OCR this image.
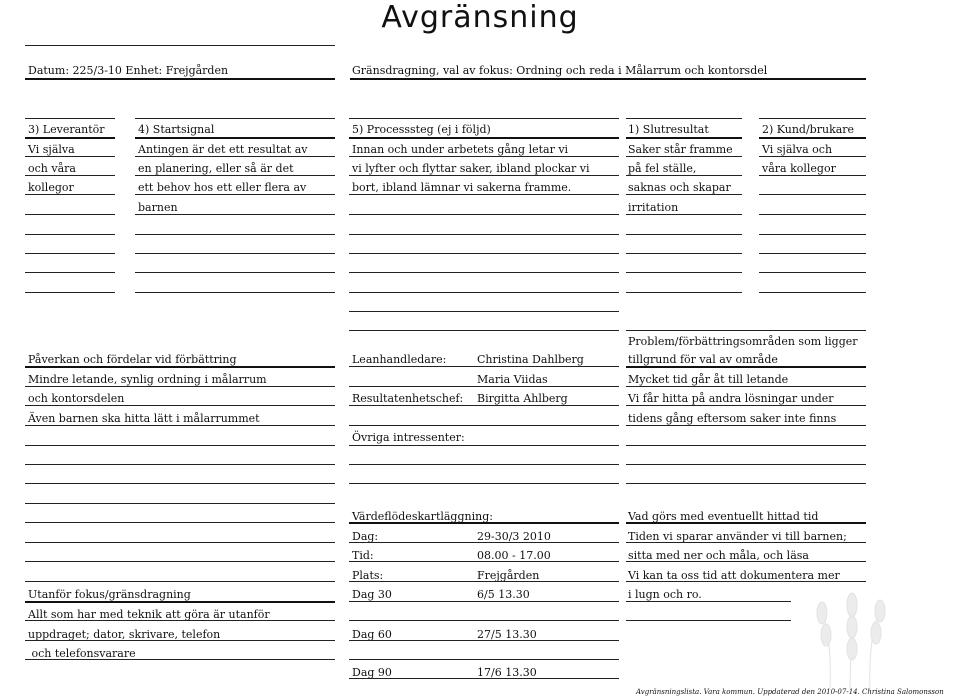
Avgränsning
Datum: 225/3-10 Enhet: Frejgården	Gränsdragning, val av fokus: Ordning och reda i Målarrum och kontorsdel
3) Leverantör
Vi själva
och våra
kollegor
4) Startsignal
Antingen är det ett resultat av
en planering, eller så är det
ett behov hos ett eller flera av
barnen
5) Processsteg (ej i följd)
Innan och under arbetets gång letar vi
vi lyfter och flyttar saker, ibland plockar vi
bort, ibland lämnar vi sakerna framme.
1) Slutresultat
Saker står framme
på fel ställe,
saknas och skapar
irritation
2) Kund/brukare
Vi själva och
våra kollegor
Påverkan och fördelar vid förbättring
Mindre letande, synlig ordning i målarrum
och kontorsdelen
Även barnen ska hitta lätt i målarrummet
Leanhandledare:	Christina Dahlberg
Maria Viidas
Resultatenhetschef: Birgitta Ahlberg
Övriga intressenter:
Problem/förbättringsområden som ligger
tillgrund för val av område
Mycket tid går åt till letande
Vi får hitta på andra lösningar under
tidens gång eftersom saker inte finns
Värdeflödeskartläggning:
Dag:	29-30/3 2010
Tid:	08.00 - 17.00
Plats:	Frejgården
Dag 30	6/5 13.30
Dag 60	27/5 13.30
Dag 90	17/6 13.30
Vad görs med eventuellt hittad tid
Tiden vi sparar använder vi till barnen;
sitta med ner och måla, och läsa
Vi kan ta oss tid att dokumentera mer
i lugn och ro.
Utanför fokus/gränsdragning
Allt som har med teknik att göra är utanför
uppdraget; dator, skrivare, telefon
och telefonsvarare
Avgränsningslista. Vara kommun. Uppdaterad den 2010-07-14. Christina Salomonsson
